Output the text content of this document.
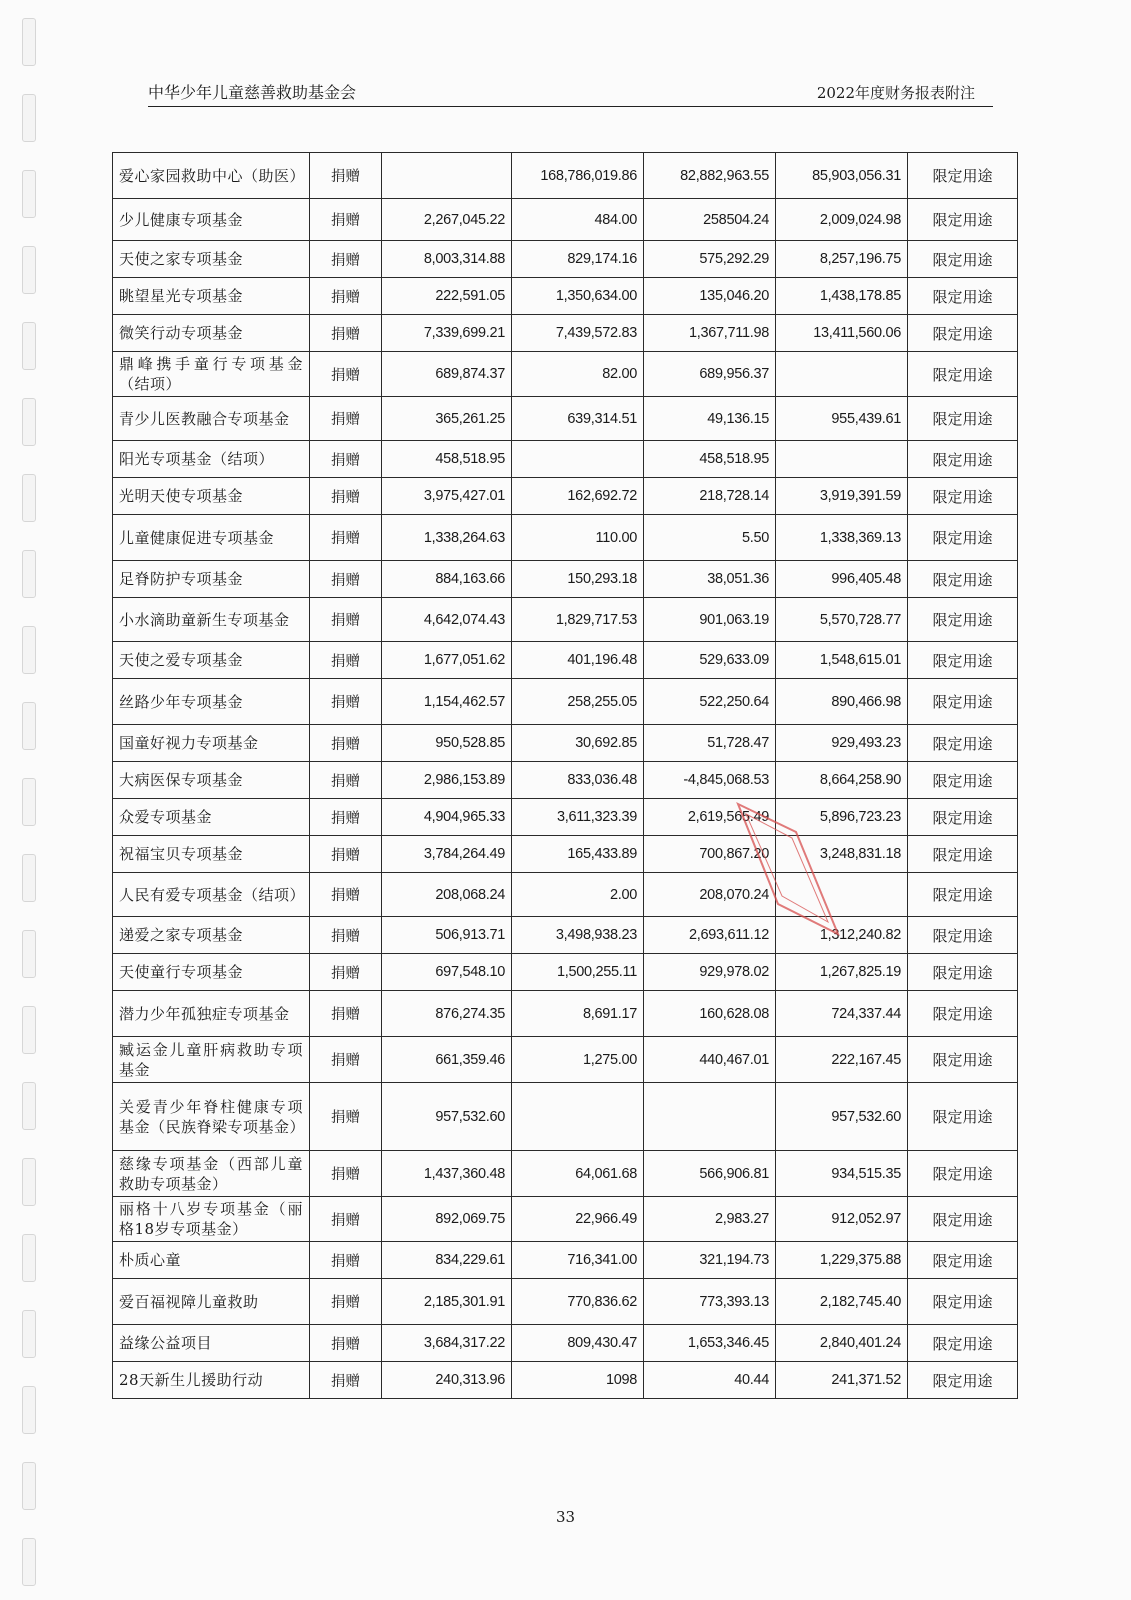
中华少年儿童慈善救助基金会	2022年度财务报表附注
爱心家园救助中心（助医）	捐赠		168,786,019.86	82,882,963.55	85,903,056.31	限定用途
少儿健康专项基金	捐赠	2,267,045.22	484.00	258504.24	2,009,024.98	限定用途
天使之家专项基金	捐赠	8,003,314.88	829,174.16	575,292.29	8,257,196.75	限定用途
眺望星光专项基金	捐赠	222,591.05	1,350,634.00	135,046.20	1,438,178.85	限定用途
微笑行动专项基金	捐赠	7,339,699.21	7,439,572.83	1,367,711.98	13,411,560.06	限定用途
鼎峰携手童行专项基金（结项）	捐赠	689,874.37	82.00	689,956.37		限定用途
青少儿医教融合专项基金	捐赠	365,261.25	639,314.51	49,136.15	955,439.61	限定用途
阳光专项基金（结项）	捐赠	458,518.95		458,518.95		限定用途
光明天使专项基金	捐赠	3,975,427.01	162,692.72	218,728.14	3,919,391.59	限定用途
儿童健康促进专项基金	捐赠	1,338,264.63	110.00	5.50	1,338,369.13	限定用途
足脊防护专项基金	捐赠	884,163.66	150,293.18	38,051.36	996,405.48	限定用途
小水滴助童新生专项基金	捐赠	4,642,074.43	1,829,717.53	901,063.19	5,570,728.77	限定用途
天使之爱专项基金	捐赠	1,677,051.62	401,196.48	529,633.09	1,548,615.01	限定用途
丝路少年专项基金	捐赠	1,154,462.57	258,255.05	522,250.64	890,466.98	限定用途
国童好视力专项基金	捐赠	950,528.85	30,692.85	51,728.47	929,493.23	限定用途
大病医保专项基金	捐赠	2,986,153.89	833,036.48	-4,845,068.53	8,664,258.90	限定用途
众爱专项基金	捐赠	4,904,965.33	3,611,323.39	2,619,565.49	5,896,723.23	限定用途
祝福宝贝专项基金	捐赠	3,784,264.49	165,433.89	700,867.20	3,248,831.18	限定用途
人民有爱专项基金（结项）	捐赠	208,068.24	2.00	208,070.24		限定用途
递爱之家专项基金	捐赠	506,913.71	3,498,938.23	2,693,611.12	1,312,240.82	限定用途
天使童行专项基金	捐赠	697,548.10	1,500,255.11	929,978.02	1,267,825.19	限定用途
潜力少年孤独症专项基金	捐赠	876,274.35	8,691.17	160,628.08	724,337.44	限定用途
臧运金儿童肝病救助专项基金	捐赠	661,359.46	1,275.00	440,467.01	222,167.45	限定用途
关爱青少年脊柱健康专项基金（民族脊梁专项基金）	捐赠	957,532.60			957,532.60	限定用途
慈缘专项基金（西部儿童救助专项基金）	捐赠	1,437,360.48	64,061.68	566,906.81	934,515.35	限定用途
丽格十八岁专项基金（丽格18岁专项基金）	捐赠	892,069.75	22,966.49	2,983.27	912,052.97	限定用途
朴质心童	捐赠	834,229.61	716,341.00	321,194.73	1,229,375.88	限定用途
爱百福视障儿童救助	捐赠	2,185,301.91	770,836.62	773,393.13	2,182,745.40	限定用途
益缘公益项目	捐赠	3,684,317.22	809,430.47	1,653,346.45	2,840,401.24	限定用途
28天新生儿援助行动	捐赠	240,313.96	1098	40.44	241,371.52	限定用途
33
